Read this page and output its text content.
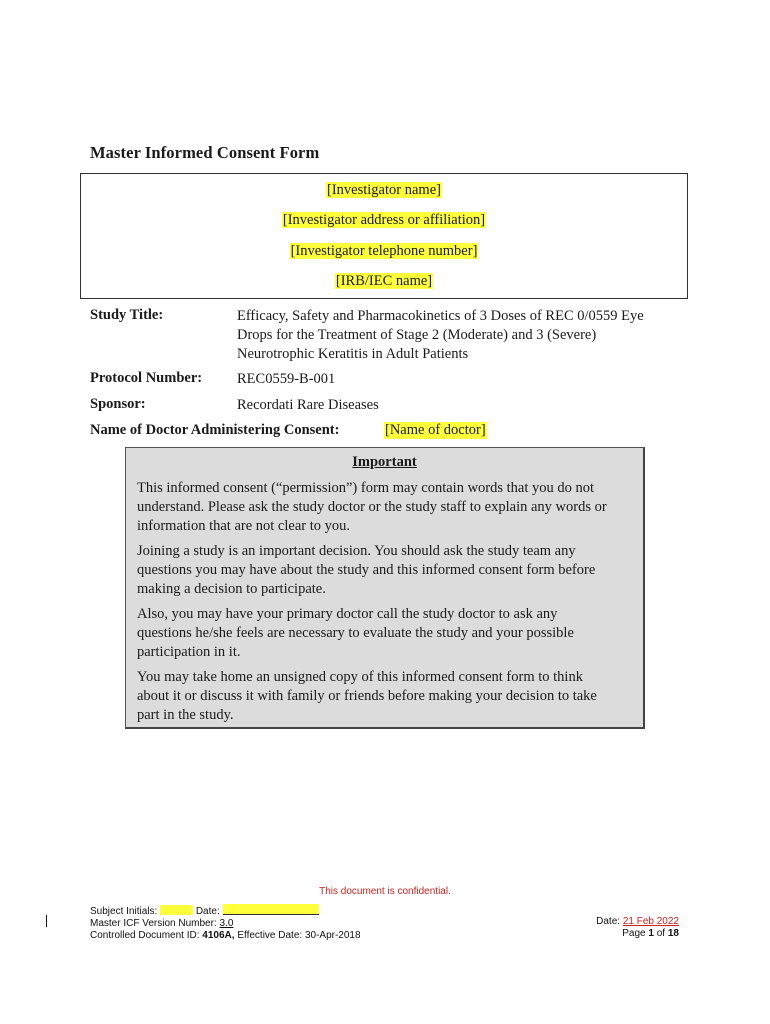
Master Informed Consent Form
[Investigator name]
[Investigator address or affiliation]
[Investigator telephone number]
[IRB/IEC name]
Study Title:	Efficacy, Safety and Pharmacokinetics of 3 Doses of REC 0/0559 Eye
Drops for the Treatment of Stage 2 (Moderate) and 3 (Severe)
Neurotrophic Keratitis in Adult Patients
Protocol Number: REC0559-B-001
Sponsor:	Recordati Rare Diseases
Name of Doctor Administering Consent:	[Name of doctor]
Important
This informed consent (“permission”) form may contain words that you do not
understand. Please ask the study doctor or the study staff to explain any words or
information that are not clear to you.
Joining a study is an important decision. You should ask the study team any
questions you may have about the study and this informed consent form before
making a decision to participate.
Also, you may have your primary doctor call the study doctor to ask any
questions he/she feels are necessary to evaluate the study and your possible
participation in it.
You may take home an unsigned copy of this informed consent form to think
about it or discuss it with family or friends before making your decision to take
part in the study.
This document is confidential.
Subject Initials:	Date:
Master ICF Version Number: 3.0
Controlled Document ID: 4106A, Effective Date: 30-Apr-2018
Date: 21 Feb 2022
Page 1 of 18
